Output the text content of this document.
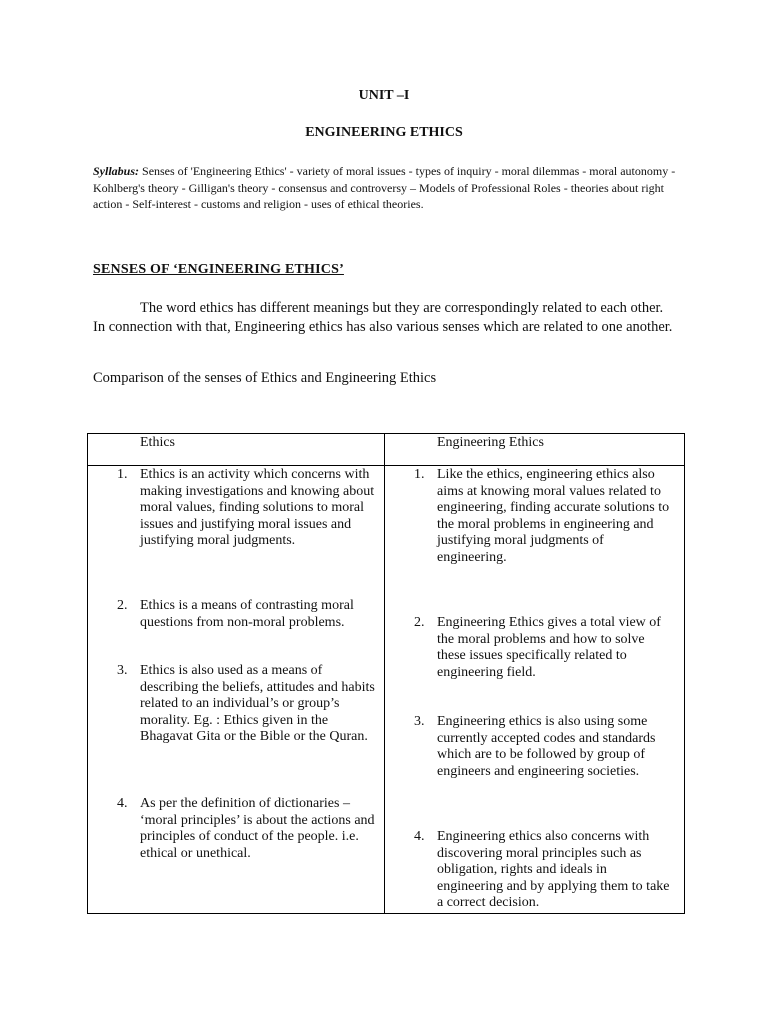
UNIT –I
ENGINEERING ETHICS
Syllabus: Senses of 'Engineering Ethics' - variety of moral issues - types of inquiry - moral dilemmas - moral autonomy - Kohlberg's theory - Gilligan's theory - consensus and controversy – Models of Professional Roles - theories about right action - Self-interest - customs and religion - uses of ethical theories.
SENSES OF ‘ENGINEERING ETHICS’

The word ethics has different meanings but they are correspondingly related to each other. In connection with that, Engineering ethics has also various senses which are related to one another.

Comparison of the senses of Ethics and Engineering Ethics
Ethics	Engineering Ethics
1. Ethics is an activity which concerns with making investigations and knowing about moral values, finding solutions to moral issues and justifying moral issues and justifying moral judgments.
2. Ethics is a means of contrasting moral questions from non-moral problems.
3. Ethics is also used as a means of describing the beliefs, attitudes and habits related to an individual’s or group’s morality. Eg. : Ethics given in the Bhagavat Gita or the Bible or the Quran.
4. As per the definition of dictionaries – ‘moral principles’ is about the actions and principles of conduct of the people. i.e. ethical or unethical.
1. Like the ethics, engineering ethics also aims at knowing moral values related to engineering, finding accurate solutions to the moral problems in engineering and justifying moral judgments of engineering.
2. Engineering Ethics gives a total view of the moral problems and how to solve these issues specifically related to engineering field.
3. Engineering ethics is also using some currently accepted codes and standards which are to be followed by group of engineers and engineering societies.
4. Engineering ethics also concerns with discovering moral principles such as obligation, rights and ideals in engineering and by applying them to take a correct decision.
